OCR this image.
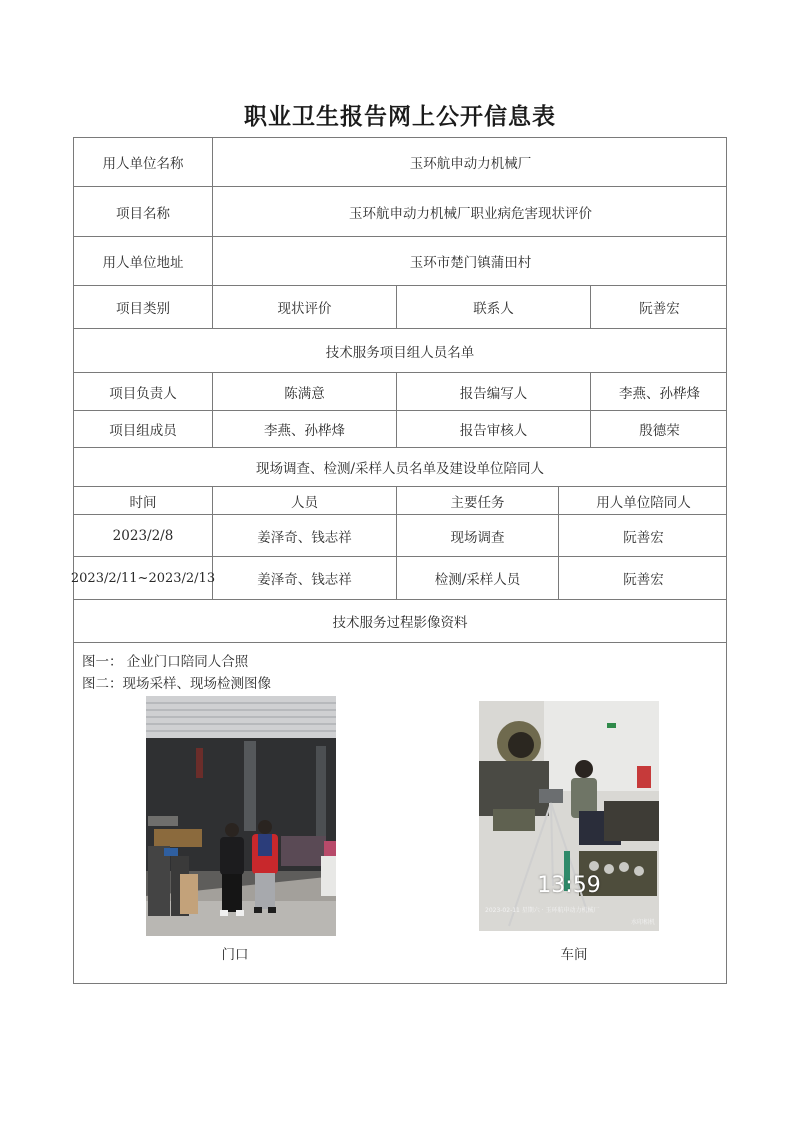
职业卫生报告网上公开信息表
用人单位名称	玉环航申动力机械厂
项目名称	玉环航申动力机械厂职业病危害现状评价
用人单位地址	玉环市楚门镇蒲田村
项目类别	现状评价	联系人	阮善宏
技术服务项目组人员名单
项目负责人	陈满意	报告编写人	李燕、孙桦烽
项目组成员	李燕、孙桦烽	报告审核人	殷德荣
现场调查、检测/采样人员名单及建设单位陪同人
时间	人员	主要任务	用人单位陪同人
2023/2/8	姜泽奇、钱志祥	现场调查	阮善宏
2023/2/11~2023/2/13	姜泽奇、钱志祥	检测/采样人员	阮善宏
技术服务过程影像资料
图一： 企业门口陪同人合照
图二：现场采样、现场检测图像
13:59
2023-02-11 星期六 · 玉环航申动力机械厂
水印相机
门口	车间
